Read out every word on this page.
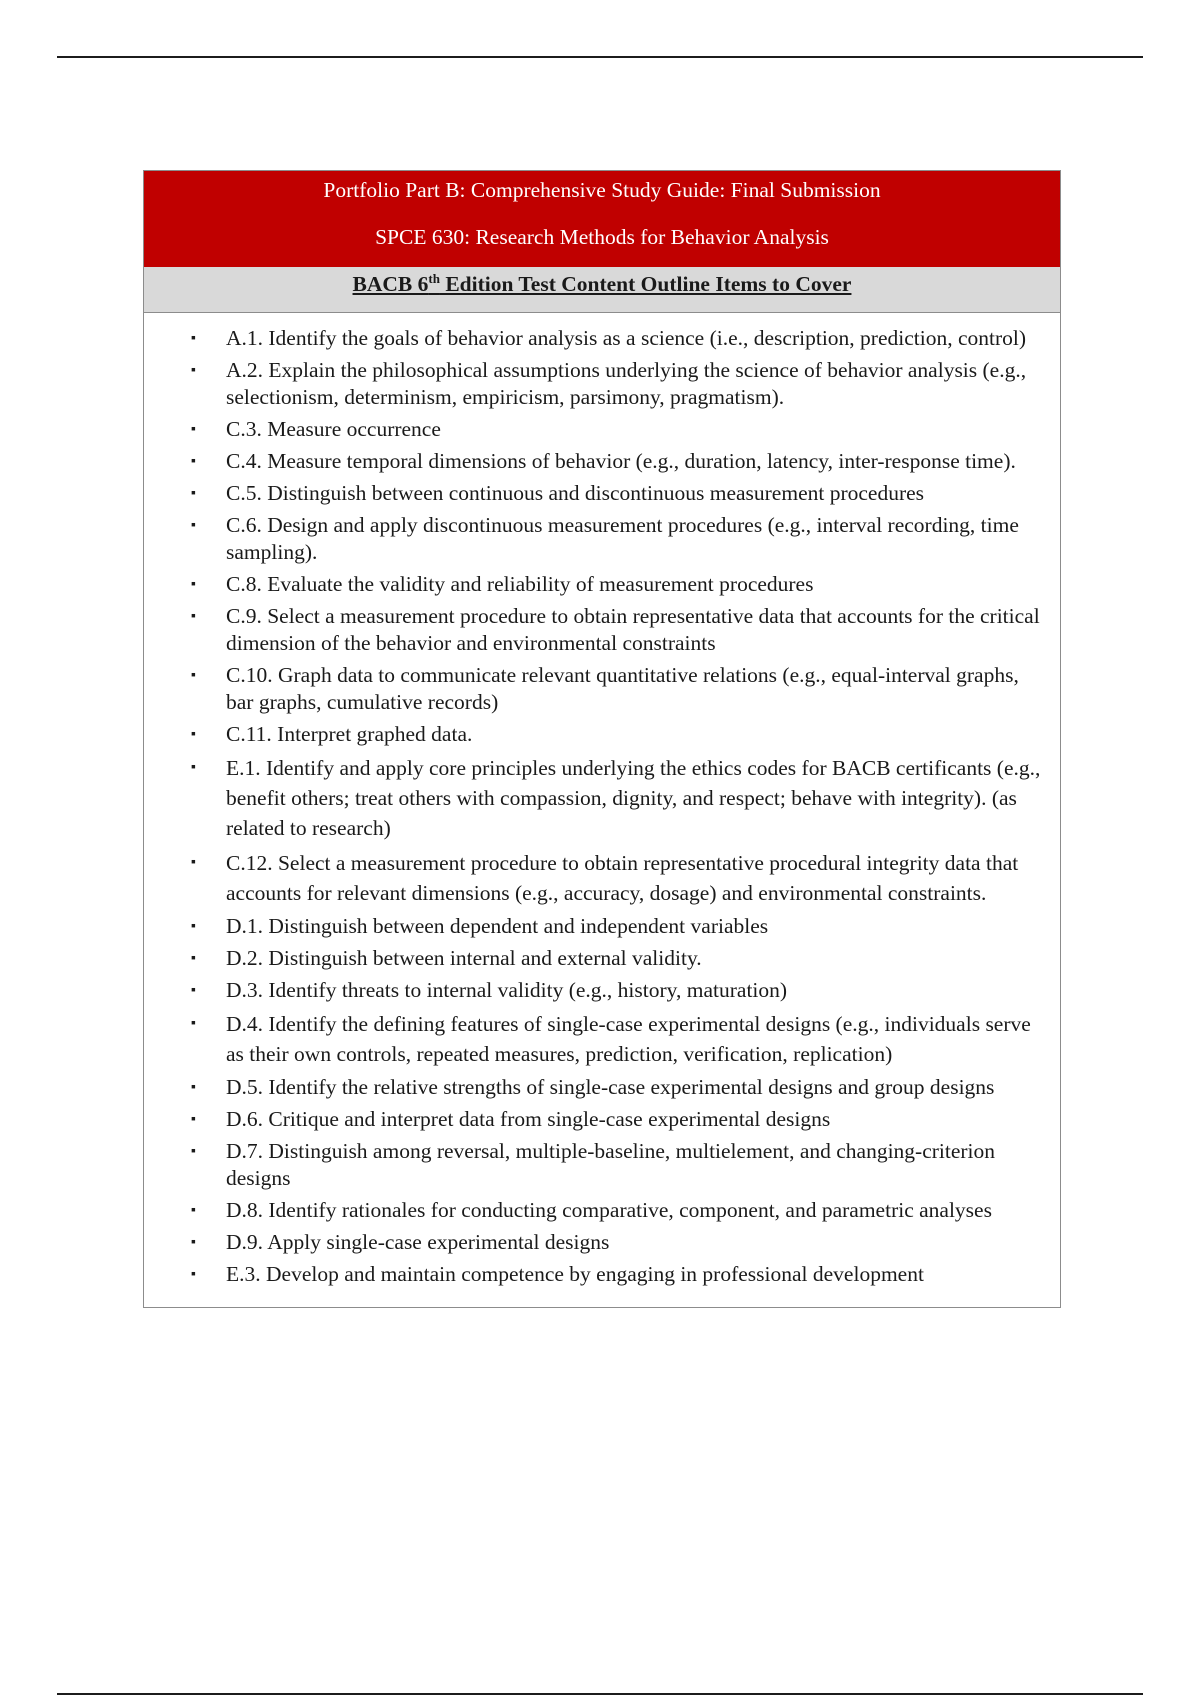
Portfolio Part B: Comprehensive Study Guide: Final Submission
SPCE 630: Research Methods for Behavior Analysis
BACB 6th Edition Test Content Outline Items to Cover
▪ A.1. Identify the goals of behavior analysis as a science (i.e., description, prediction, control)
▪ A.2. Explain the philosophical assumptions underlying the science of behavior analysis (e.g., selectionism, determinism, empiricism, parsimony, pragmatism).
▪ C.3. Measure occurrence
▪ C.4. Measure temporal dimensions of behavior (e.g., duration, latency, inter-response time).
▪ C.5. Distinguish between continuous and discontinuous measurement procedures
▪ C.6. Design and apply discontinuous measurement procedures (e.g., interval recording, time sampling).
▪ C.8. Evaluate the validity and reliability of measurement procedures
▪ C.9. Select a measurement procedure to obtain representative data that accounts for the critical dimension of the behavior and environmental constraints
▪ C.10. Graph data to communicate relevant quantitative relations (e.g., equal-interval graphs, bar graphs, cumulative records)
▪ C.11. Interpret graphed data.
▪ E.1. Identify and apply core principles underlying the ethics codes for BACB certificants (e.g., benefit others; treat others with compassion, dignity, and respect; behave with integrity). (as related to research)
▪ C.12. Select a measurement procedure to obtain representative procedural integrity data that accounts for relevant dimensions (e.g., accuracy, dosage) and environmental constraints.
▪ D.1. Distinguish between dependent and independent variables
▪ D.2. Distinguish between internal and external validity.
▪ D.3. Identify threats to internal validity (e.g., history, maturation)
▪ D.4. Identify the defining features of single-case experimental designs (e.g., individuals serve as their own controls, repeated measures, prediction, verification, replication)
▪ D.5. Identify the relative strengths of single-case experimental designs and group designs
▪ D.6. Critique and interpret data from single-case experimental designs
▪ D.7. Distinguish among reversal, multiple-baseline, multielement, and changing-criterion designs
▪ D.8. Identify rationales for conducting comparative, component, and parametric analyses
▪ D.9. Apply single-case experimental designs
▪ E.3. Develop and maintain competence by engaging in professional development
